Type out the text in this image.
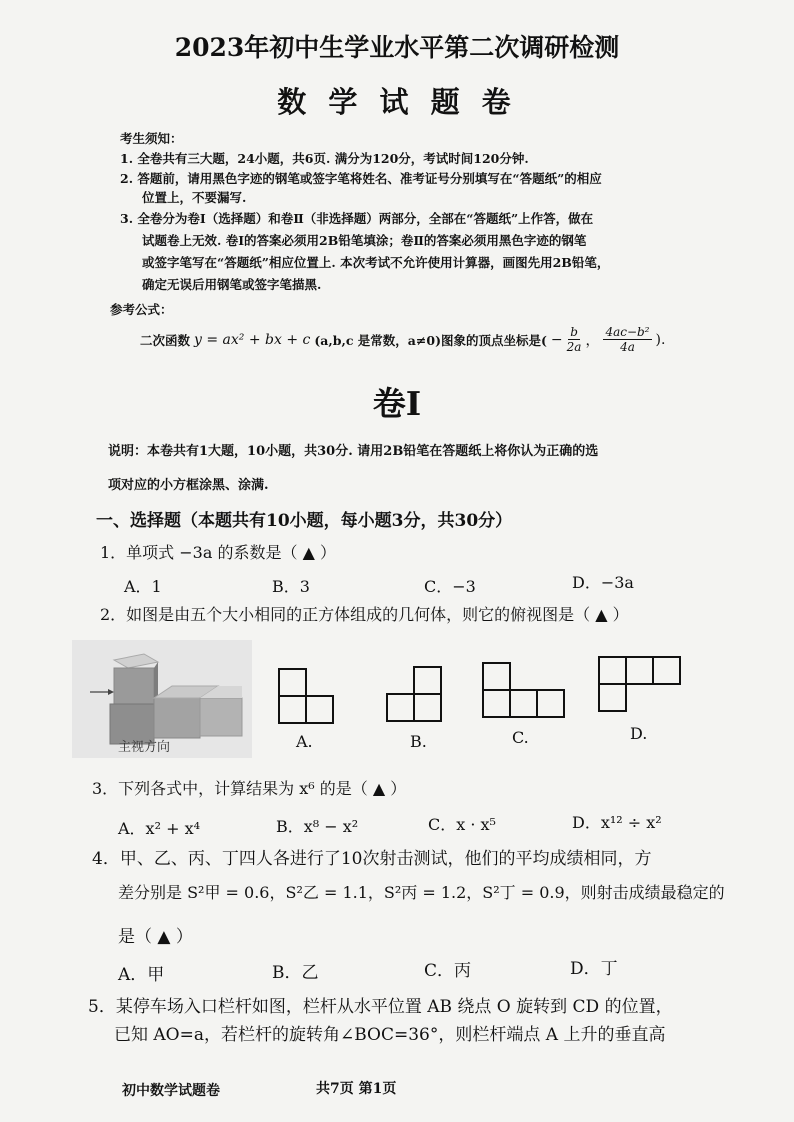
2023年初中生学业水平第二次调研检测
数 学 试 题 卷
考生须知：
1. 全卷共有三大题，24小题，共6页. 满分为120分，考试时间120分钟.
2. 答题前，请用黑色字迹的钢笔或签字笔将姓名、准考证号分别填写在“答题纸”的相应
位置上，不要漏写.
3. 全卷分为卷Ⅰ（选择题）和卷Ⅱ（非选择题）两部分，全部在“答题纸”上作答，做在
试题卷上无效. 卷Ⅰ的答案必须用2B铅笔填涂；卷Ⅱ的答案必须用黑色字迹的钢笔
或签字笔写在“答题纸”相应位置上. 本次考试不允许使用计算器，画图先用2B铅笔，
确定无误后用钢笔或签字笔描黑.
参考公式：
二次函数 y = ax² + bx + c (a,b,c 是常数，a≠0)图象的顶点坐标是( − $\frac{b}{2a}$ ， $\frac{\text{4ac−b²}}{4a}$ ).
卷Ⅰ
说明：本卷共有1大题，10小题，共30分. 请用2B铅笔在答题纸上将你认为正确的选
项对应的小方框涂黑、涂满.
一、选择题（本题共有10小题，每小题3分，共30分）
1．单项式 −3a 的系数是（ ▲ ）
A．1	B．3	C．−3	D．−3a
2．如图是由五个大小相同的正方体组成的几何体，则它的俯视图是（ ▲ ）
主视方向	A.	B.	C.	D.
3．下列各式中，计算结果为 x⁶ 的是（ ▲ ）
A．x² + x⁴	B．x⁸ − x²	C．x · x⁵	D．x¹² ÷ x²
4．甲、乙、丙、丁四人各进行了10次射击测试，他们的平均成绩相同，方
差分别是 S²甲 = 0.6，S²乙 = 1.1，S²丙 = 1.2，S²丁 = 0.9，则射击成绩最稳定的
是（ ▲ ）
A．甲	B．乙	C．丙	D．丁
5．某停车场入口栏杆如图，栏杆从水平位置 AB 绕点 O 旋转到 CD 的位置，
已知 AO=a，若栏杆的旋转角∠BOC=36°，则栏杆端点 A 上升的垂直高
初中数学试题卷	共7页 第1页
